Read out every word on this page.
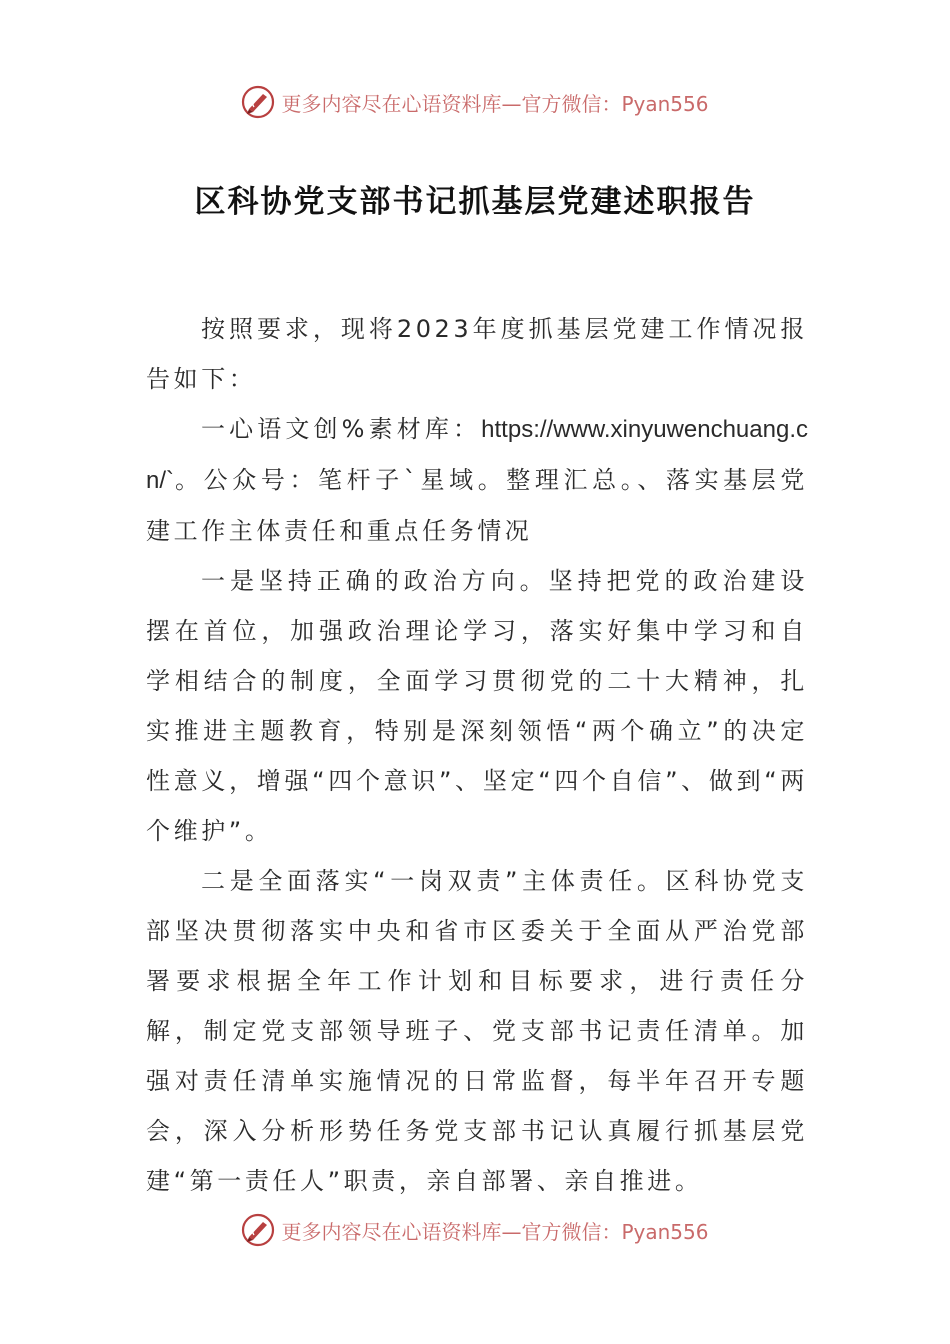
更多内容尽在心语资料库 —官方微信：Pyan556
区科协党支部书记抓基层党建述职报告

按照要求，现将2023年度抓基层党建工作情况报告如下：

一心语文创%素材库：https://www.xinyuwenchuang.cn/`。公众号：笔杆子`星域。整理汇总。、落实基层党建工作主体责任和重点任务情况

一是坚持正确的政治方向。坚持把党的政治建设摆在首位，加强政治理论学习，落实好集中学习和自学相结合的制度，全面学习贯彻党的二十大精神，扎实推进主题教育，特别是深刻领悟“两个确立”的决定性意义，增强“四个意识”、坚定“四个自信”、做到“两个维护”。

二是全面落实“一岗双责”主体责任。区科协党支部坚决贯彻落实中央和省市区委关于全面从严治党部署要求根据全年工作计划和目标要求，进行责任分解，制定党支部领导班子、党支部书记责任清单。加强对责任清单实施情况的日常监督，每半年召开专题会，深入分析形势任务党支部书记认真履行抓基层党建“第一责任人”职责，亲自部署、亲自推进。

更多内容尽在心语资料库 —官方微信：Pyan556
